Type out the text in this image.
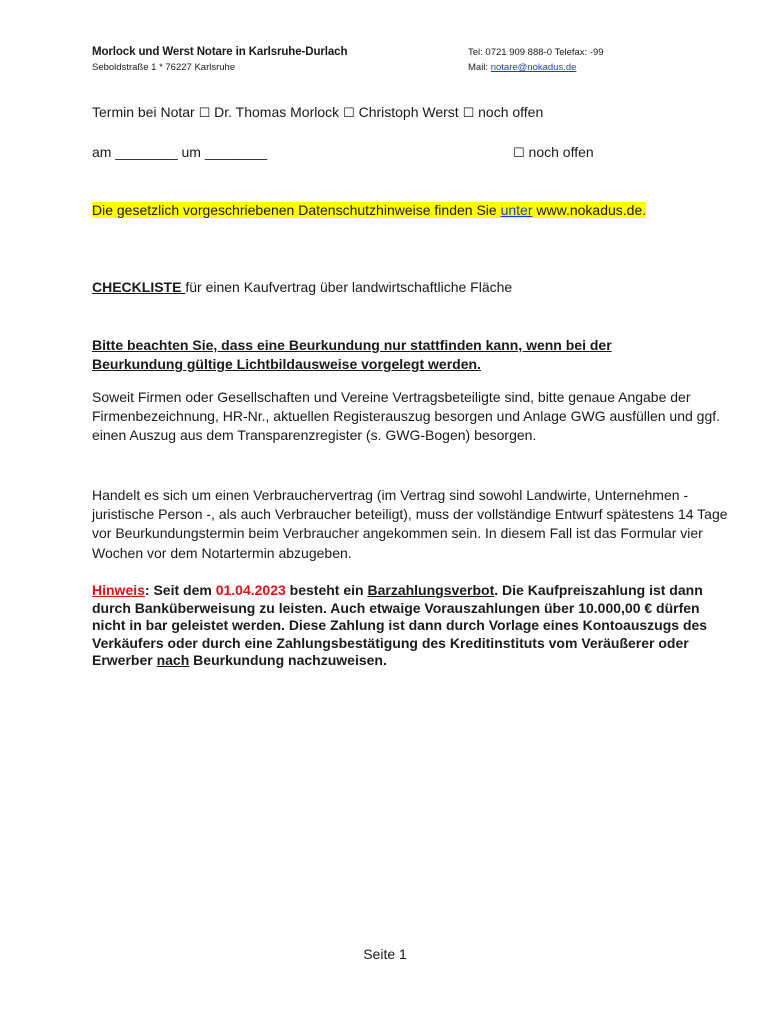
Morlock und Werst Notare in Karlsruhe-Durlach
Seboldstraße 1 * 76227 Karlsruhe
Tel: 0721 909 888-0 Telefax: -99
Mail: notare@nokadus.de
Termin bei Notar ☐ Dr. Thomas Morlock ☐ Christoph Werst ☐ noch offen
am ________ um ________	☐ noch offen
Die gesetzlich vorgeschriebenen Datenschutzhinweise finden Sie unter www.nokadus.de.
CHECKLISTE für einen Kaufvertrag über landwirtschaftliche Fläche
Bitte beachten Sie, dass eine Beurkundung nur stattfinden kann, wenn bei der Beurkundung gültige Lichtbildausweise vorgelegt werden.
Soweit Firmen oder Gesellschaften und Vereine Vertragsbeteiligte sind, bitte genaue Angabe der Firmenbezeichnung, HR-Nr., aktuellen Registerauszug besorgen und Anlage GWG ausfüllen und ggf. einen Auszug aus dem Transparenzregister (s. GWG-Bogen) besorgen.
Handelt es sich um einen Verbrauchervertrag (im Vertrag sind sowohl Landwirte, Unternehmen - juristische Person -, als auch Verbraucher beteiligt), muss der vollständige Entwurf spätestens 14 Tage vor Beurkundungstermin beim Verbraucher angekommen sein. In diesem Fall ist das Formular vier Wochen vor dem Notartermin abzugeben.
Hinweis: Seit dem 01.04.2023 besteht ein Barzahlungsverbot. Die Kaufpreiszahlung ist dann durch Banküberweisung zu leisten. Auch etwaige Vorauszahlungen über 10.000,00 € dürfen nicht in bar geleistet werden. Diese Zahlung ist dann durch Vorlage eines Kontoauszugs des Verkäufers oder durch eine Zahlungsbestätigung des Kreditinstituts vom Veräußerer oder Erwerber nach Beurkundung nachzuweisen.
Seite 1
